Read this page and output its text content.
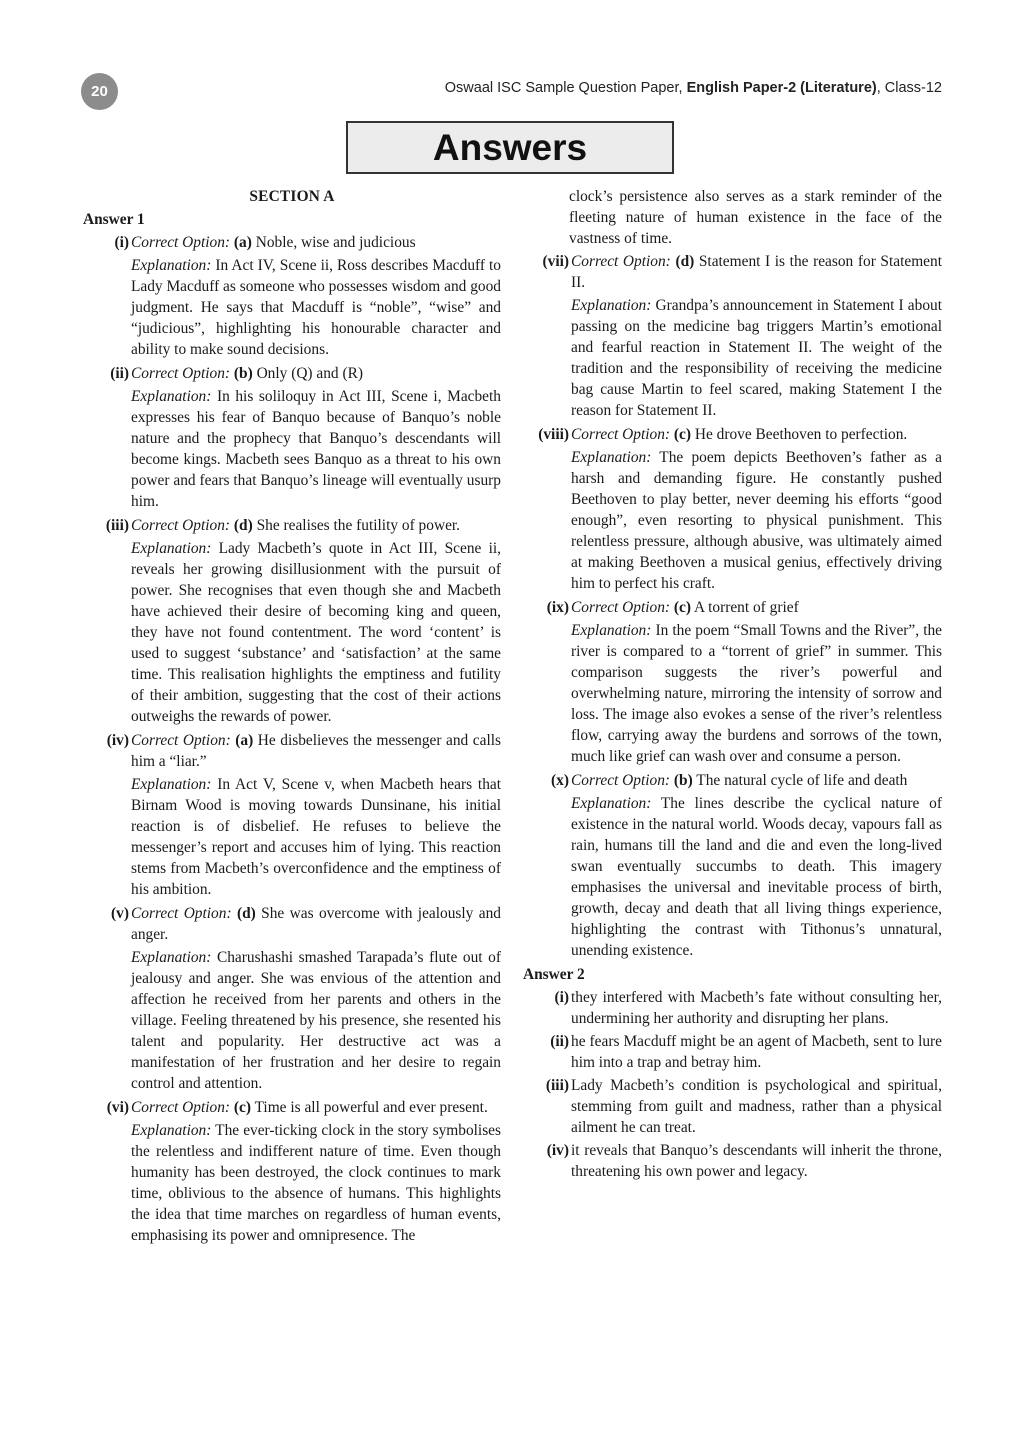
20	Oswaal ISC Sample Question Paper, English Paper-2 (Literature), Class-12
Answers
SECTION A
Answer 1
(i) Correct Option: (a) Noble, wise and judicious
Explanation: In Act IV, Scene ii, Ross describes Macduff to Lady Macduff as someone who possesses wisdom and good judgment. He says that Macduff is “noble”, “wise” and “judicious”, highlighting his honourable character and ability to make sound decisions.
(ii) Correct Option: (b) Only (Q) and (R)
Explanation: In his soliloquy in Act III, Scene i, Macbeth expresses his fear of Banquo because of Banquo’s noble nature and the prophecy that Banquo’s descendants will become kings. Macbeth sees Banquo as a threat to his own power and fears that Banquo’s lineage will eventually usurp him.
(iii) Correct Option: (d) She realises the futility of power.
Explanation: Lady Macbeth’s quote in Act III, Scene ii, reveals her growing disillusionment with the pursuit of power. She recognises that even though she and Macbeth have achieved their desire of becoming king and queen, they have not found contentment. The word ‘content’ is used to suggest ‘substance’ and ‘satisfaction’ at the same time. This realisation highlights the emptiness and futility of their ambition, suggesting that the cost of their actions outweighs the rewards of power.
(iv) Correct Option: (a) He disbelieves the messenger and calls him a “liar.”
Explanation: In Act V, Scene v, when Macbeth hears that Birnam Wood is moving towards Dunsinane, his initial reaction is of disbelief. He refuses to believe the messenger’s report and accuses him of lying. This reaction stems from Macbeth’s overconfidence and the emptiness of his ambition.
(v) Correct Option: (d) She was overcome with jealously and anger.
Explanation: Charushashi smashed Tarapada’s flute out of jealousy and anger. She was envious of the attention and affection he received from her parents and others in the village. Feeling threatened by his presence, she resented his talent and popularity. Her destructive act was a manifestation of her frustration and her desire to regain control and attention.
(vi) Correct Option: (c) Time is all powerful and ever present.
Explanation: The ever-ticking clock in the story symbolises the relentless and indifferent nature of time. Even though humanity has been destroyed, the clock continues to mark time, oblivious to the absence of humans. This highlights the idea that time marches on regardless of human events, emphasising its power and omnipresence. The
clock’s persistence also serves as a stark reminder of the fleeting nature of human existence in the face of the vastness of time.
(vii) Correct Option: (d) Statement I is the reason for Statement II.
Explanation: Grandpa’s announcement in Statement I about passing on the medicine bag triggers Martin’s emotional and fearful reaction in Statement II. The weight of the tradition and the responsibility of receiving the medicine bag cause Martin to feel scared, making Statement I the reason for Statement II.
(viii) Correct Option: (c) He drove Beethoven to perfection.
Explanation: The poem depicts Beethoven’s father as a harsh and demanding figure. He constantly pushed Beethoven to play better, never deeming his efforts “good enough”, even resorting to physical punishment. This relentless pressure, although abusive, was ultimately aimed at making Beethoven a musical genius, effectively driving him to perfect his craft.
(ix) Correct Option: (c) A torrent of grief
Explanation: In the poem “Small Towns and the River”, the river is compared to a “torrent of grief” in summer. This comparison suggests the river’s powerful and overwhelming nature, mirroring the intensity of sorrow and loss. The image also evokes a sense of the river’s relentless flow, carrying away the burdens and sorrows of the town, much like grief can wash over and consume a person.
(x) Correct Option: (b) The natural cycle of life and death
Explanation: The lines describe the cyclical nature of existence in the natural world. Woods decay, vapours fall as rain, humans till the land and die and even the long-lived swan eventually succumbs to death. This imagery emphasises the universal and inevitable process of birth, growth, decay and death that all living things experience, highlighting the contrast with Tithonus’s unnatural, unending existence.
Answer 2
(i) they interfered with Macbeth’s fate without consulting her, undermining her authority and disrupting her plans.
(ii) he fears Macduff might be an agent of Macbeth, sent to lure him into a trap and betray him.
(iii) Lady Macbeth’s condition is psychological and spiritual, stemming from guilt and madness, rather than a physical ailment he can treat.
(iv) it reveals that Banquo’s descendants will inherit the throne, threatening his own power and legacy.
